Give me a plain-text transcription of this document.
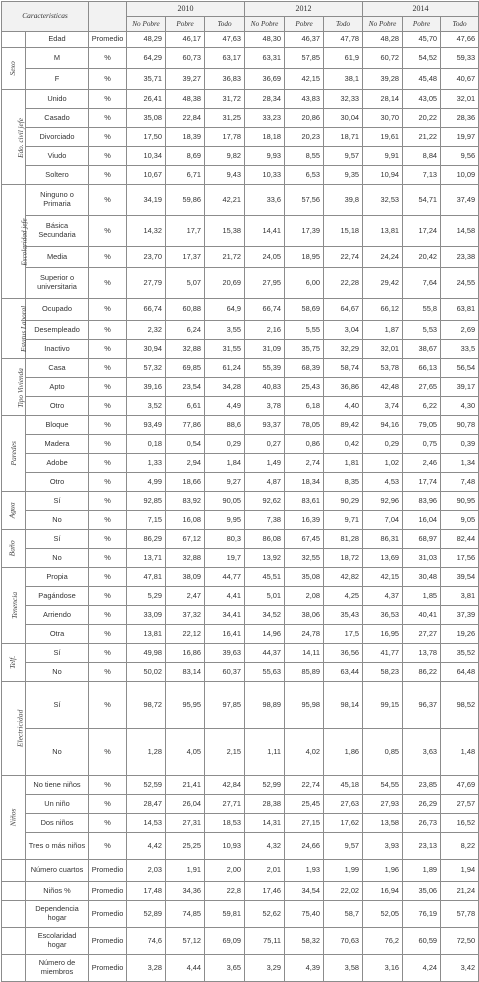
Caracteristicas			2010			2012			2014		
			No Pobre	Pobre	Todo	No Pobre	Pobre	Todo	No Pobre	Pobre	Todo
	Edad	Promedio	48,29	46,17	47,63	48,30	46,37	47,78	48,28	45,70	47,66
Sexo	M	%	64,29	60,73	63,17	63,31	57,85	61,9	60,72	54,52	59,33
	F	%	35,71	39,27	36,83	36,69	42,15	38,1	39,28	45,48	40,67
Edo. civil jefe	Unido	%	26,41	48,38	31,72	28,34	43,83	32,33	28,14	43,05	32,01
	Casado	%	35,08	22,84	31,25	33,23	20,86	30,04	30,70	20,22	28,36
	Divorciado	%	17,50	18,39	17,78	18,18	20,23	18,71	19,61	21,22	19,97
	Viudo	%	10,34	8,69	9,82	9,93	8,55	9,57	9,91	8,84	9,56
	Soltero	%	10,67	6,71	9,43	10,33	6,53	9,35	10,94	7,13	10,09
Escolaridad jefe	Ninguno o Primaria	%	34,19	59,86	42,21	33,6	57,56	39,8	32,53	54,71	37,49
	Básica Secundaria	%	14,32	17,7	15,38	14,41	17,39	15,18	13,81	17,24	14,58
	Media	%	23,70	17,37	21,72	24,05	18,95	22,74	24,24	20,42	23,38
	Superior o universitaria	%	27,79	5,07	20,69	27,95	6,00	22,28	29,42	7,64	24,55
Estatus Laboral	Ocupado	%	66,74	60,88	64,9	66,74	58,69	64,67	66,12	55,8	63,81
	Desempleado	%	2,32	6,24	3,55	2,16	5,55	3,04	1,87	5,53	2,69
	Inactivo	%	30,94	32,88	31,55	31,09	35,75	32,29	32,01	38,67	33,5
Tipo Vivienda	Casa	%	57,32	69,85	61,24	55,39	68,39	58,74	53,78	66,13	56,54
	Apto	%	39,16	23,54	34,28	40,83	25,43	36,86	42,48	27,65	39,17
	Otro	%	3,52	6,61	4,49	3,78	6,18	4,40	3,74	6,22	4,30
Paredes	Bloque	%	93,49	77,86	88,6	93,37	78,05	89,42	94,16	79,05	90,78
	Madera	%	0,18	0,54	0,29	0,27	0,86	0,42	0,29	0,75	0,39
	Adobe	%	1,33	2,94	1,84	1,49	2,74	1,81	1,02	2,46	1,34
	Otro	%	4,99	18,66	9,27	4,87	18,34	8,35	4,53	17,74	7,48
Agua	Sí	%	92,85	83,92	90,05	92,62	83,61	90,29	92,96	83,96	90,95
	No	%	7,15	16,08	9,95	7,38	16,39	9,71	7,04	16,04	9,05
Baño	Sí	%	86,29	67,12	80,3	86,08	67,45	81,28	86,31	68,97	82,44
	No	%	13,71	32,88	19,7	13,92	32,55	18,72	13,69	31,03	17,56
Tenencia	Propia	%	47,81	38,09	44,77	45,51	35,08	42,82	42,15	30,48	39,54
	Pagándose	%	5,29	2,47	4,41	5,01	2,08	4,25	4,37	1,85	3,81
	Arriendo	%	33,09	37,32	34,41	34,52	38,06	35,43	36,53	40,41	37,39
	Otra	%	13,81	22,12	16,41	14,96	24,78	17,5	16,95	27,27	19,26
Telf.	Sí	%	49,98	16,86	39,63	44,37	14,11	36,56	41,77	13,78	35,52
	No	%	50,02	83,14	60,37	55,63	85,89	63,44	58,23	86,22	64,48
Electricidad	Sí	%	98,72	95,95	97,85	98,89	95,98	98,14	99,15	96,37	98,52
	No	%	1,28	4,05	2,15	1,11	4,02	1,86	0,85	3,63	1,48
Niños	No tiene niños	%	52,59	21,41	42,84	52,99	22,74	45,18	54,55	23,85	47,69
	Un niño	%	28,47	26,04	27,71	28,38	25,45	27,63	27,93	26,29	27,57
	Dos niños	%	14,53	27,31	18,53	14,31	27,15	17,62	13,58	26,73	16,52
	Tres o más niños	%	4,42	25,25	10,93	4,32	24,66	9,57	3,93	23,13	8,22
	Número cuartos	Promedio	2,03	1,91	2,00	2,01	1,93	1,99	1,96	1,89	1,94
	Niños %	Promedio	17,48	34,36	22,8	17,46	34,54	22,02	16,94	35,06	21,24
	Dependencia hogar	Promedio	52,89	74,85	59,81	52,62	75,40	58,7	52,05	76,19	57,78
	Escolaridad hogar	Promedio	74,6	57,12	69,09	75,11	58,32	70,63	76,2	60,59	72,50
	Número de miembros	Promedio	3,28	4,44	3,65	3,29	4,39	3,58	3,16	4,24	3,42
